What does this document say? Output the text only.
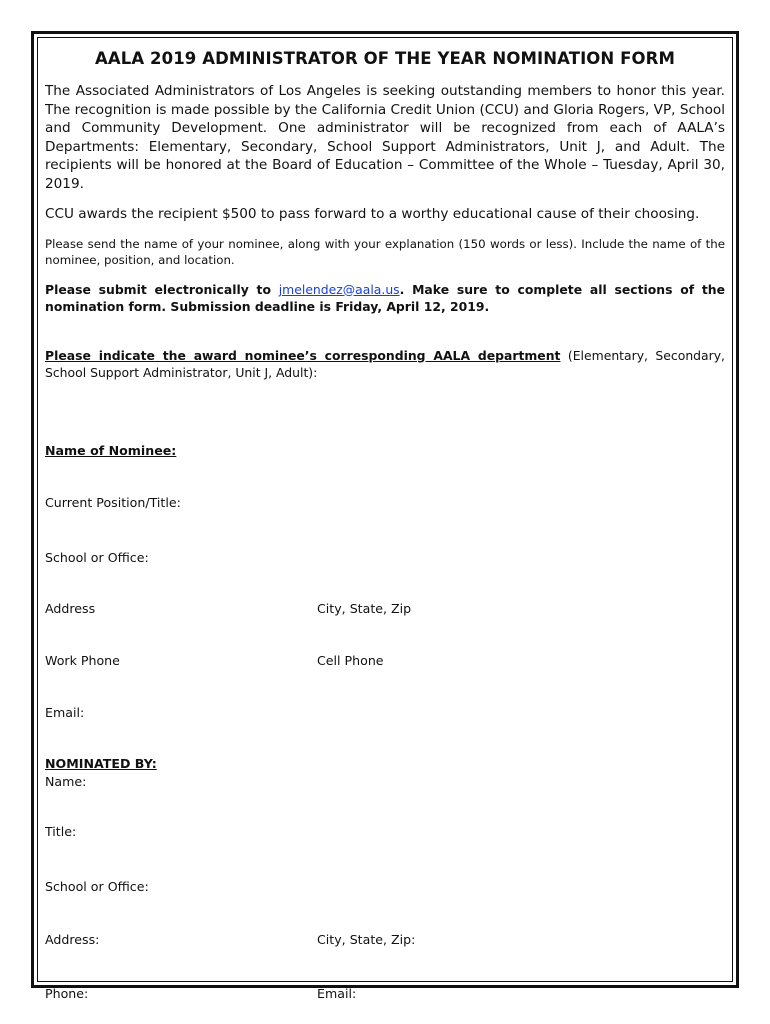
AALA 2019 ADMINISTRATOR OF THE YEAR NOMINATION FORM

The Associated Administrators of Los Angeles is seeking outstanding members to honor this year. The recognition is made possible by the California Credit Union (CCU) and Gloria Rogers, VP, School and Community Development. One administrator will be recognized from each of AALA’s Departments: Elementary, Secondary, School Support Administrators, Unit J, and Adult. The recipients will be honored at the Board of Education – Committee of the Whole – Tuesday, April 30, 2019.

CCU awards the recipient $500 to pass forward to a worthy educational cause of their choosing.

Please send the name of your nominee, along with your explanation (150 words or less). Include the name of the nominee, position, and location.

Please submit electronically to jmelendez@aala.us. Make sure to complete all sections of the nomination form. Submission deadline is Friday, April 12, 2019.

Please indicate the award nominee’s corresponding AALA department (Elementary, Secondary, School Support Administrator, Unit J, Adult):

Name of Nominee:
Current Position/Title:
School or Office:
Address	City, State, Zip
Work Phone	Cell Phone
Email:
NOMINATED BY:
Name:
Title:
School or Office:
Address:	City, State, Zip:
Phone:	Email:
